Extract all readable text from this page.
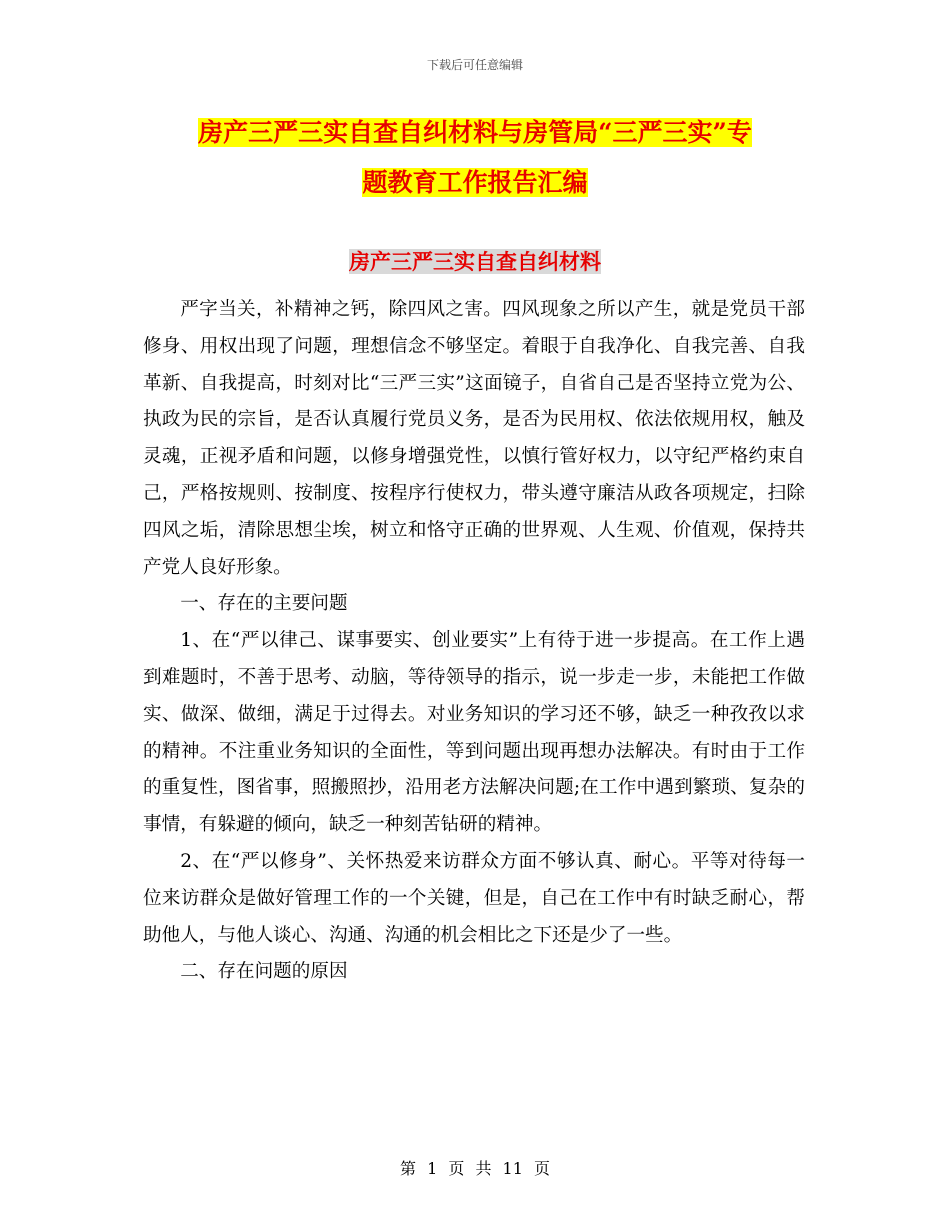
下载后可任意编辑
房产三严三实自查自纠材料与房管局“三严三实”专
题教育工作报告汇编
房产三严三实自查自纠材料

严字当关，补精神之钙，除四风之害。四风现象之所以产生，就是党员干部修身、用权出现了问题，理想信念不够坚定。着眼于自我净化、自我完善、自我革新、自我提高，时刻对比“三严三实”这面镜子，自省自己是否坚持立党为公、执政为民的宗旨，是否认真履行党员义务，是否为民用权、依法依规用权，触及灵魂，正视矛盾和问题，以修身增强党性，以慎行管好权力，以守纪严格约束自己，严格按规则、按制度、按程序行使权力，带头遵守廉洁从政各项规定，扫除四风之垢，清除思想尘埃，树立和恪守正确的世界观、人生观、价值观，保持共产党人良好形象。

一、存在的主要问题

1、在“严以律己、谋事要实、创业要实”上有待于进一步提高。在工作上遇到难题时，不善于思考、动脑，等待领导的指示，说一步走一步，未能把工作做实、做深、做细，满足于过得去。对业务知识的学习还不够，缺乏一种孜孜以求的精神。不注重业务知识的全面性，等到问题出现再想办法解决。有时由于工作的重复性，图省事，照搬照抄，沿用老方法解决问题;在工作中遇到繁琐、复杂的事情，有躲避的倾向，缺乏一种刻苦钻研的精神。

2、在“严以修身”、关怀热爱来访群众方面不够认真、耐心。平等对待每一位来访群众是做好管理工作的一个关键，但是，自己在工作中有时缺乏耐心，帮助他人，与他人谈心、沟通、沟通的机会相比之下还是少了一些。

二、存在问题的原因

第 1 页 共 11 页
